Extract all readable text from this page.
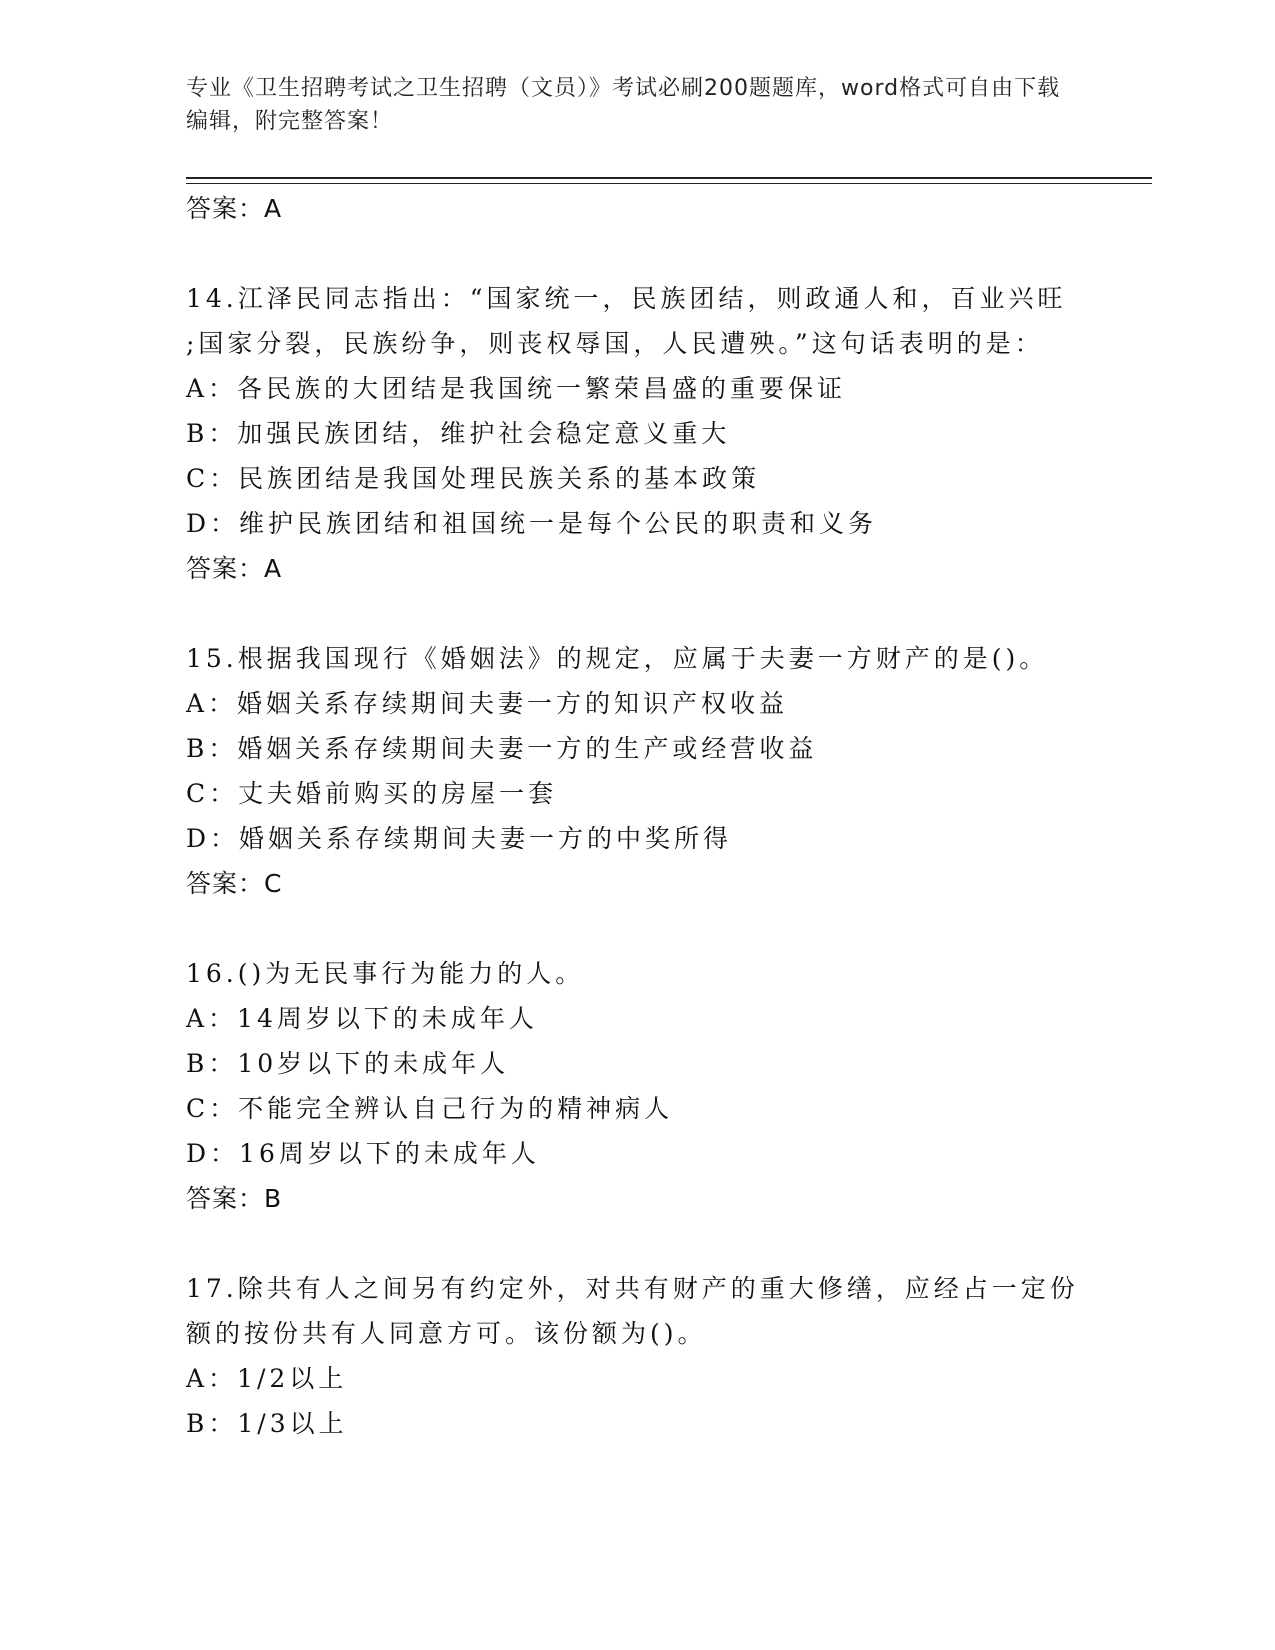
专业《卫生招聘考试之卫生招聘（文员）》考试必刷200题题库，word格式可自由下载编辑，附完整答案！
答案：A
14.江泽民同志指出：“国家统一，民族团结，则政通人和，百业兴旺
;国家分裂，民族纷争，则丧权辱国，人民遭殃。”这句话表明的是：
A：各民族的大团结是我国统一繁荣昌盛的重要保证
B：加强民族团结，维护社会稳定意义重大
C：民族团结是我国处理民族关系的基本政策
D：维护民族团结和祖国统一是每个公民的职责和义务
答案：A
15.根据我国现行《婚姻法》的规定，应属于夫妻一方财产的是()。
A：婚姻关系存续期间夫妻一方的知识产权收益
B：婚姻关系存续期间夫妻一方的生产或经营收益
C：丈夫婚前购买的房屋一套
D：婚姻关系存续期间夫妻一方的中奖所得
答案：C
16.()为无民事行为能力的人。
A：14周岁以下的未成年人
B：10岁以下的未成年人
C：不能完全辨认自己行为的精神病人
D：16周岁以下的未成年人
答案：B
17.除共有人之间另有约定外，对共有财产的重大修缮，应经占一定份
额的按份共有人同意方可。该份额为()。
A：1/2以上
B：1/3以上
